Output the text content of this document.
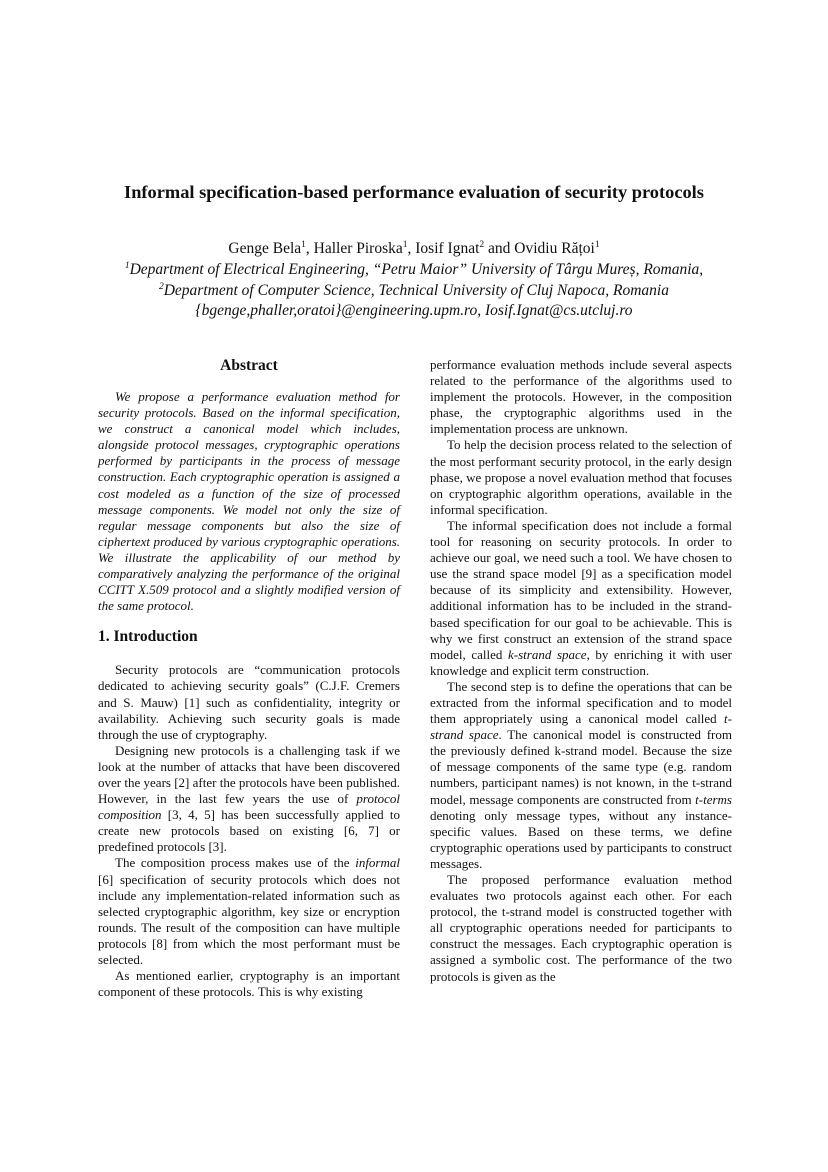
Informal specification-based performance evaluation of security protocols
Genge Bela$^1$, Haller Piroska$^1$, Iosif Ignat$^2$ and Ovidiu Rățoi$^1$
$^1$Department of Electrical Engineering, “Petru Maior” University of Târgu Mureș, Romania,
$^2$Department of Computer Science, Technical University of Cluj Napoca, Romania
{bgenge,phaller,oratoi}@engineering.upm.ro, Iosif.Ignat@cs.utcluj.ro
Abstract

We propose a performance evaluation method for security protocols. Based on the informal specification, we construct a canonical model which includes, alongside protocol messages, cryptographic operations performed by participants in the process of message construction. Each cryptographic operation is assigned a cost modeled as a function of the size of processed message components. We model not only the size of regular message components but also the size of ciphertext produced by various cryptographic operations. We illustrate the applicability of our method by comparatively analyzing the performance of the original CCITT X.509 protocol and a slightly modified version of the same protocol.

1. Introduction

Security protocols are “communication protocols dedicated to achieving security goals” (C.J.F. Cremers and S. Mauw) [1] such as confidentiality, integrity or availability. Achieving such security goals is made through the use of cryptography.

Designing new protocols is a challenging task if we look at the number of attacks that have been discovered over the years [2] after the protocols have been published. However, in the last few years the use of protocol composition [3, 4, 5] has been successfully applied to create new protocols based on existing [6, 7] or predefined protocols [3].

The composition process makes use of the informal [6] specification of security protocols which does not include any implementation-related information such as selected cryptographic algorithm, key size or encryption rounds. The result of the composition can have multiple protocols [8] from which the most performant must be selected.

As mentioned earlier, cryptography is an important component of these protocols. This is why existing

performance evaluation methods include several aspects related to the performance of the algorithms used to implement the protocols. However, in the composition phase, the cryptographic algorithms used in the implementation process are unknown.

To help the decision process related to the selection of the most performant security protocol, in the early design phase, we propose a novel evaluation method that focuses on cryptographic algorithm operations, available in the informal specification.

The informal specification does not include a formal tool for reasoning on security protocols. In order to achieve our goal, we need such a tool. We have chosen to use the strand space model [9] as a specification model because of its simplicity and extensibility. However, additional information has to be included in the strand-based specification for our goal to be achievable. This is why we first construct an extension of the strand space model, called k-strand space, by enriching it with user knowledge and explicit term construction.

The second step is to define the operations that can be extracted from the informal specification and to model them appropriately using a canonical model called t-strand space. The canonical model is constructed from the previously defined k-strand model. Because the size of message components of the same type (e.g. random numbers, participant names) is not known, in the t-strand model, message components are constructed from t-terms denoting only message types, without any instance-specific values. Based on these terms, we define cryptographic operations used by participants to construct messages.

The proposed performance evaluation method evaluates two protocols against each other. For each protocol, the t-strand model is constructed together with all cryptographic operations needed for participants to construct the messages. Each cryptographic operation is assigned a symbolic cost. The performance of the two protocols is given as the
